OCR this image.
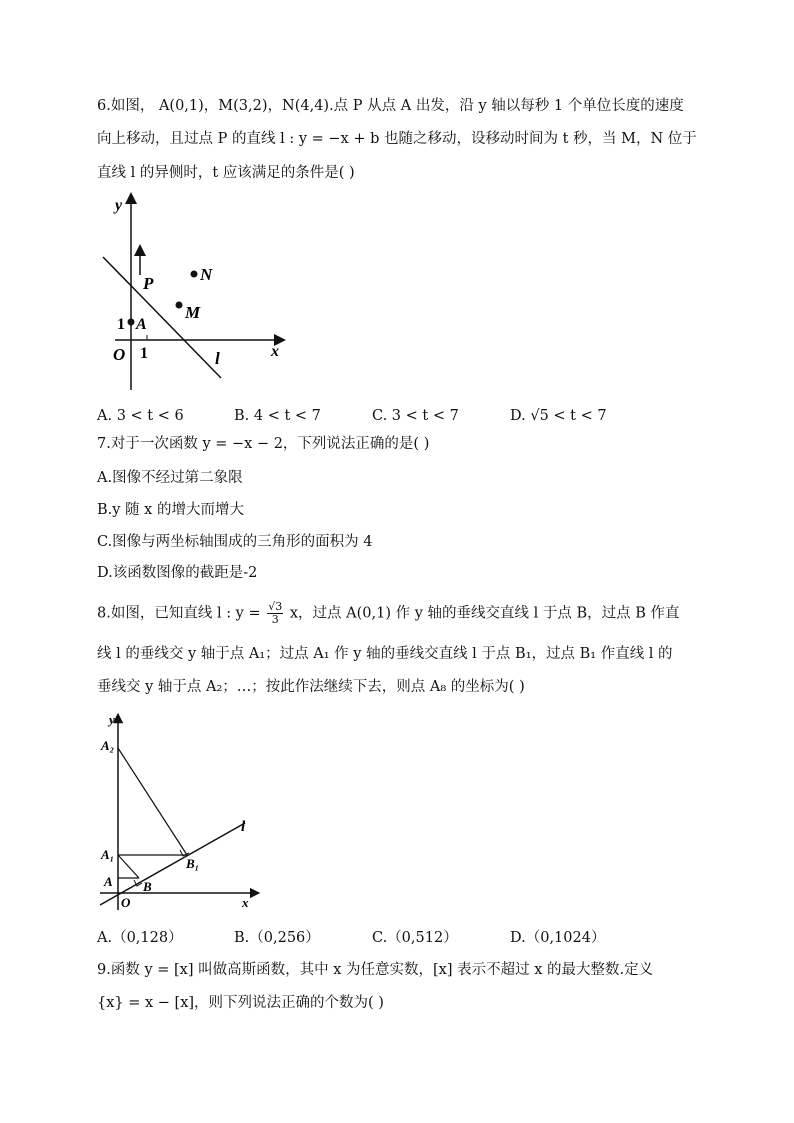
6.如图， A(0,1)，M(3,2)，N(4,4).点 P 从点 A 出发，沿 y 轴以每秒 1 个单位长度的速度
向上移动，且过点 P 的直线 l : y = −x + b 也随之移动，设移动时间为 t 秒，当 M，N 位于
直线 l 的异侧时，t 应该满足的条件是( )
y
x
O 1
1 A
P
M
N
l
A. 3 < t < 6	B. 4 < t < 7	C. 3 < t < 7	D. √5 < t < 7
7.对于一次函数 y = −x − 2，下列说法正确的是( )
A.图像不经过第二象限
B.y 随 x 的增大而增大
C.图像与两坐标轴围成的三角形的面积为 4
D.该函数图像的截距是-2
8.如图，已知直线 l : $y = \frac{√3}{3}$ x，过点 A(0,1) 作 y 轴的垂线交直线 l 于点 B，过点 B 作直
线 l 的垂线交 y 轴于点 A₁；过点 A₁ 作 y 轴的垂线交直线 l 于点 B₁，过点 B₁ 作直线 l 的
垂线交 y 轴于点 A₂；…；按此作法继续下去，则点 A₈ 的坐标为( )
y
x
O
A₂
A₁
A B
B₁
l
A.（0,128）	B.（0,256）	C.（0,512）	D.（0,1024）
9.函数 y = [x] 叫做高斯函数，其中 x 为任意实数，[x] 表示不超过 x 的最大整数.定义
{x} = x − [x]，则下列说法正确的个数为( )
